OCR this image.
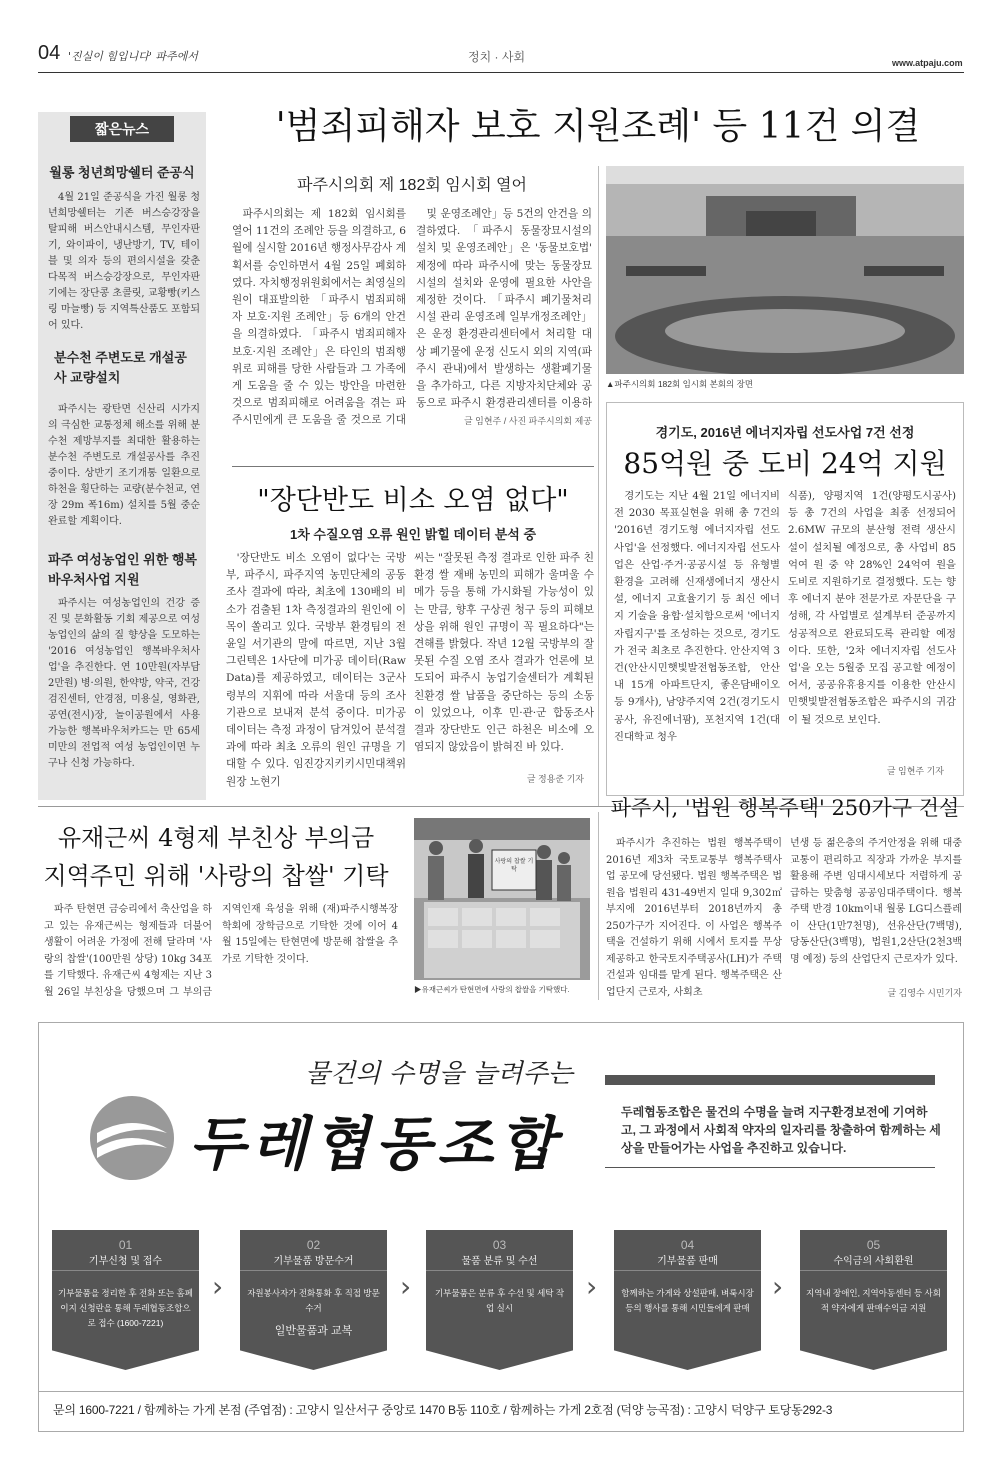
04 '진실이 힘입니다' 파주에서	정치 · 사회	www.atpaju.com
짧은뉴스
월롱 청년희망쉘터 준공식
4월 21일 준공식을 가진 월롱 청년희망쉘터는 기존 버스승강장을 탈피해 버스안내시스템, 무인자판기, 와이파이, 냉난방기, TV, 테이블 및 의자 등의 편의시설을 갖춘 다목적 버스승강장으로, 무인자판기에는 장단콩 초콜릿, 교황빵(키스링 마늘빵) 등 지역특산품도 포함되어 있다.
분수천 주변도로 개설공사 교량설치
파주시는 광탄면 신산리 시가지의 극심한 교통정체 해소를 위해 분수천 제방부지를 최대한 활용하는 분수천 주변도로 개설공사를 추진중이다. 상반기 조기개통 일환으로 하천을 횡단하는 교량(분수천교, 연장 29m 폭16m) 설치를 5월 중순 완료할 계획이다.
파주 여성농업인 위한 행복바우처사업 지원
파주시는 여성농업인의 건강 증진 및 문화활동 기회 제공으로 여성농업인의 삶의 질 향상을 도모하는 '2016 여성농업인 행복바우처사업'을 추진한다. 연 10만원(자부담 2만원) 병·의원, 한약방, 약국, 건강검진센터, 안경점, 미용실, 영화관, 공연(전시)장, 놀이공원에서 사용가능한 행복바우처카드는 만 65세 미만의 전업적 여성 농업인이면 누구나 신청 가능하다.
'범죄피해자 보호 지원조례' 등 11건 의결
파주시의회 제 182회 임시회 열어
파주시의회는 제 182회 임시회를 열어 11건의 조례안 등을 의결하고, 6월에 실시할 2016년 행정사무감사 계획서를 승인하면서 4월 25일 폐회하였다. 자치행정위원회에서는 최영실의원이 대표발의한 「파주시 범죄피해자 보호·지원 조례안」등 6개의 안건을 의결하였다. 「파주시 범죄피해자 보호·지원 조례안」은 타인의 범죄행위로 피해를 당한 사람들과 그 가족에게 도움을 줄 수 있는 방안을 마련한 것으로 범죄피해로 어려움을 겪는 파주시민에게 큰 도움을 줄 것으로 기대
및 운영조례안」등 5건의 안건을 의결하였다. 「파주시 동물장묘시설의 설치 및 운영조례안」은 '동물보호법' 제정에 따라 파주시에 맞는 동물장묘시설의 설치와 운영에 필요한 사안을 제정한 것이다. 「파주시 폐기물처리시설 관리 운영조례 일부개정조례안」은 운정 환경관리센터에서 처리할 대상 폐기물에 운정 신도시 외의 지역(파주시 관내)에서 발생하는 생활폐기물을 추가하고, 다른 지방자치단체와 공동으로 파주시 환경관리센터를 이용하
글 임현주 / 사진 파주시의회 제공
▲파주시의회 182회 임시회 본회의 장면
경기도, 2016년 에너지자립 선도사업 7건 선정
85억원 중 도비 24억 지원
경기도는 지난 4월 21일 에너지비전 2030 목표실현을 위해 총 7건의 '2016년 경기도형 에너지자립 선도사업'을 선정했다. 에너지자립 선도사업은 산업·주거·공공시설 등 유형별 환경을 고려해 신재생에너지 생산시설, 에너지 고효율기기 등 최신 에너지 기술을 융합·설치함으로써 '에너지 자립지구'를 조성하는 것으로, 경기도가 전국 최초로 추진한다. 안산지역 3건(안산시민햇빛발전협동조합, 안산 내 15개 아파트단지, 좋은담배이오 등 9개사), 남양주지역 2건(경기도시공사, 유진에너팜), 포천지역 1건(대진대학교 청우
식품), 양평지역 1건(양평도시공사) 등 총 7건의 사업을 최종 선정되어 2.6MW 규모의 분산형 전력 생산시설이 설치될 예정으로, 총 사업비 85억여 원 중 약 28%인 24억여 원을 도비로 지원하기로 결정했다. 도는 향후 에너지 분야 전문가로 자문단을 구성해, 각 사업별로 설계부터 준공까지 성공적으로 완료되도록 관리할 예정이다. 또한, '2차 에너지자립 선도사업'을 오는 5월중 모집 공고할 예정이어서, 공공유휴용지를 이용한 안산시민햇빛발전협동조합은 파주시의 귀감이 될 것으로 보인다.
글 임현주 기자
"장단반도 비소 오염 없다"
1차 수질오염 오류 원인 밝힐 데이터 분석 중
'장단반도 비소 오염이 없다'는 국방부, 파주시, 파주지역 농민단체의 공동조사 결과에 따라, 최초에 130배의 비소가 검출된 1차 측정결과의 원인에 이목이 쏠리고 있다. 국방부 환경팀의 전윤일 서기관의 말에 따르면, 지난 3월 그린텍은 1사단에 미가공 데이터(Raw Data)를 제공하였고, 데이터는 3군사령부의 지휘에 따라 서울대 등의 조사기관으로 보내져 분석 중이다. 미가공 데이터는 측정 과정이 담겨있어 분석결과에 따라 최초 오류의 원인 규명을 기대할 수 있다. 임진강지키키시민대책위원장 노현기
씨는 "잘못된 측정 결과로 인한 파주 친환경 쌀 재배 농민의 피해가 울며울 수 메가 등을 통해 가시화될 가능성이 있는 만큼, 향후 구상권 청구 등의 피해보상을 위해 원인 규명이 꼭 필요하다"는 견해를 밝혔다. 작년 12월 국방부의 잘못된 수질 오염 조사 결과가 언론에 보도되어 파주시 농업기술센터가 계획된 친환경 쌀 납품을 중단하는 등의 소동이 있었으나, 이후 민·관·군 합동조사 결과 장단반도 인근 하천은 비소에 오염되지 않았음이 밝혀진 바 있다.
글 정용준 기자
유재근씨 4형제 부친상 부의금
지역주민 위해 '사랑의 찹쌀' 기탁
파주 탄현면 금승리에서 축산업을 하고 있는 유재근씨는 형제들과 더불어 생활이 어려운 가정에 전해 달라며 '사랑의 찹쌀'(100만원 상당) 10kg 34포를 기탁했다. 유재근씨 4형제는 지난 3월 26일 부친상을 당했으며 그 부의금
지역인재 육성을 위해 (재)파주시행복장학회에 장학금으로 기탁한 것에 이어 4월 15일에는 탄현면에 방문해 찹쌀을 추가로 기탁한 것이다.
사랑의 찹쌀 기탁
▶유재근씨가 탄현면에 사랑의 찹쌀을 기탁했다.
파주시, '법원 행복주택' 250가구 건설
파주시가 추진하는 법원 행복주택이 2016년 제3차 국토교통부 행복주택사업 공모에 당선됐다. 법원 행복주택은 법원읍 법원리 431-49번지 일대 9,302㎡부지에 2016년부터 2018년까지 총 250가구가 지어진다. 이 사업은 행복주택을 건설하기 위해 시에서 토지를 무상제공하고 한국토지주택공사(LH)가 주택건설과 임대를 맡게 된다. 행복주택은 산업단지 근로자, 사회초
년생 등 젊은층의 주거안정을 위해 대중교통이 편리하고 직장과 가까운 부지를 활용해 주변 임대시세보다 저렴하게 공급하는 맞춤형 공공임대주택이다. 행복주택 반경 10km이내 월롱 LG디스플레이 산단(1만7천명), 선유산단(7백명), 당동산단(3백명), 법원1,2산단(2천3백명 예정) 등의 산업단지 근로자가 있다.
글 김영수 시민기자
물건의 수명을 늘려주는
두레협동조합	두레협동조합은 물건의 수명을 늘려 지구환경보전에 기여하고, 그 과정에서 사회적 약자의 일자리를 창출하여 함께하는 세상을 만들어가는 사업을 추진하고 있습니다.
문의 1600-7221 / 함께하는 가게 본점 (주엽점) : 고양시 일산서구 중앙로 1470 B동 110호 / 함께하는 가게 2호점 (덕양 능곡점) : 고양시 덕양구 토당동292-3
01
기부신청 및 접수
기부물품을 정리한 후 전화 또는 홈페이지 신청란을 통해 두레협동조합으로 접수 (1600-7221)
›
02
기부물품 방문수거
자원봉사자가 전화통화 후 직접 방문 수거
일반물품과 교복
›
03
물품 분류 및 수선
기부물품은 분류 후 수선 및 세탁 작업 실시
›
04
기부물품 판매
함께하는 가게와 상설판매, 벼룩시장 등의 행사를 통해 시민들에게 판매
›
05
수익금의 사회환원
지역내 장애인, 지역아동센터 등 사회적 약자에게 판매수익금 지원
